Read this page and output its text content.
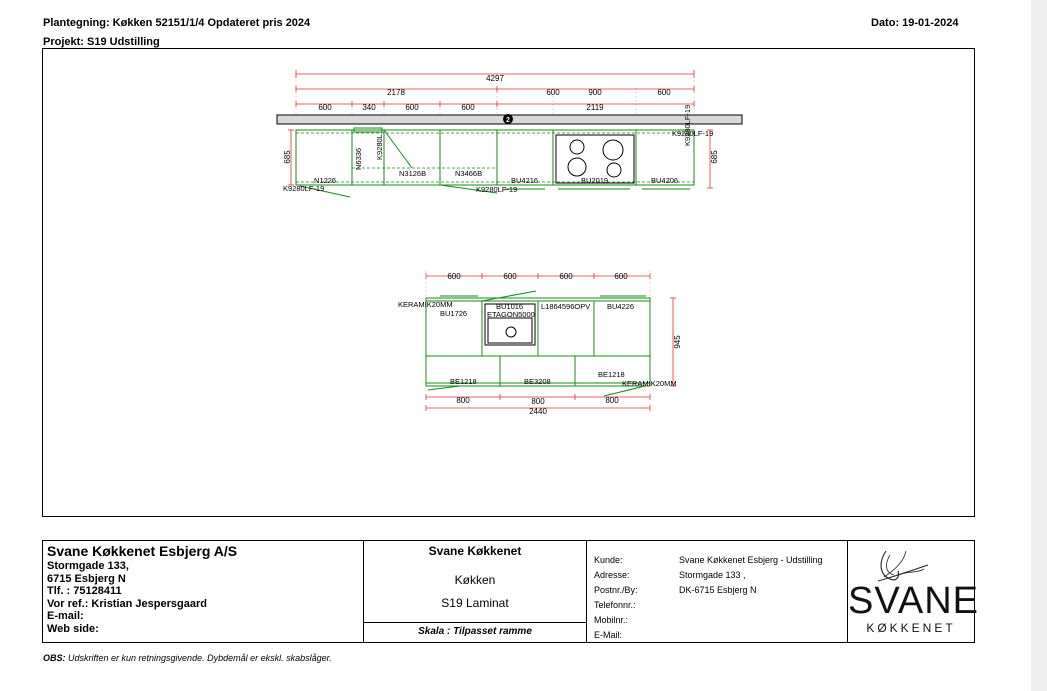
Plantegning: Køkken 52151/1/4 Opdateret pris 2024
Projekt: S19 Udstilling
Dato: 19-01-2024
4297
2178	600	900	600
600	340	600	600	2119
2
685	685
N1226
N6336 K9280L
N3126B	N3466B
BU4216	BU2019	BU4206
K9280LF-19	K9280LF-19
K9280LF-19
K9280LF-19
600	600	600	600
945
800	800	800
2440
KERAMIK20MM
BU1726
BU1016
ETAGON5000
L1864596OPV BU4226
BE1218	BE3208
BE1218
KERAMIK20MM
Svane Køkkenet Esbjerg A/S
Stormgade 133,
6715 Esbjerg N
Tlf. : 75128411
Vor ref.: Kristian Jespersgaard
E-mail:
Web side:
Svane Køkkenet
Køkken
S19 Laminat
Skala : Tilpasset ramme
Kunde:	Svane Køkkenet Esbjerg - Udstilling
Adresse:	Stormgade 133 ,
Postnr./By:	DK-6715 Esbjerg N
Telefonnr.:
Mobilnr.:
E-Mail:
SVANE
KØKKENET
OBS: Udskriften er kun retningsgivende. Dybdemål er ekskl. skabslåger.
